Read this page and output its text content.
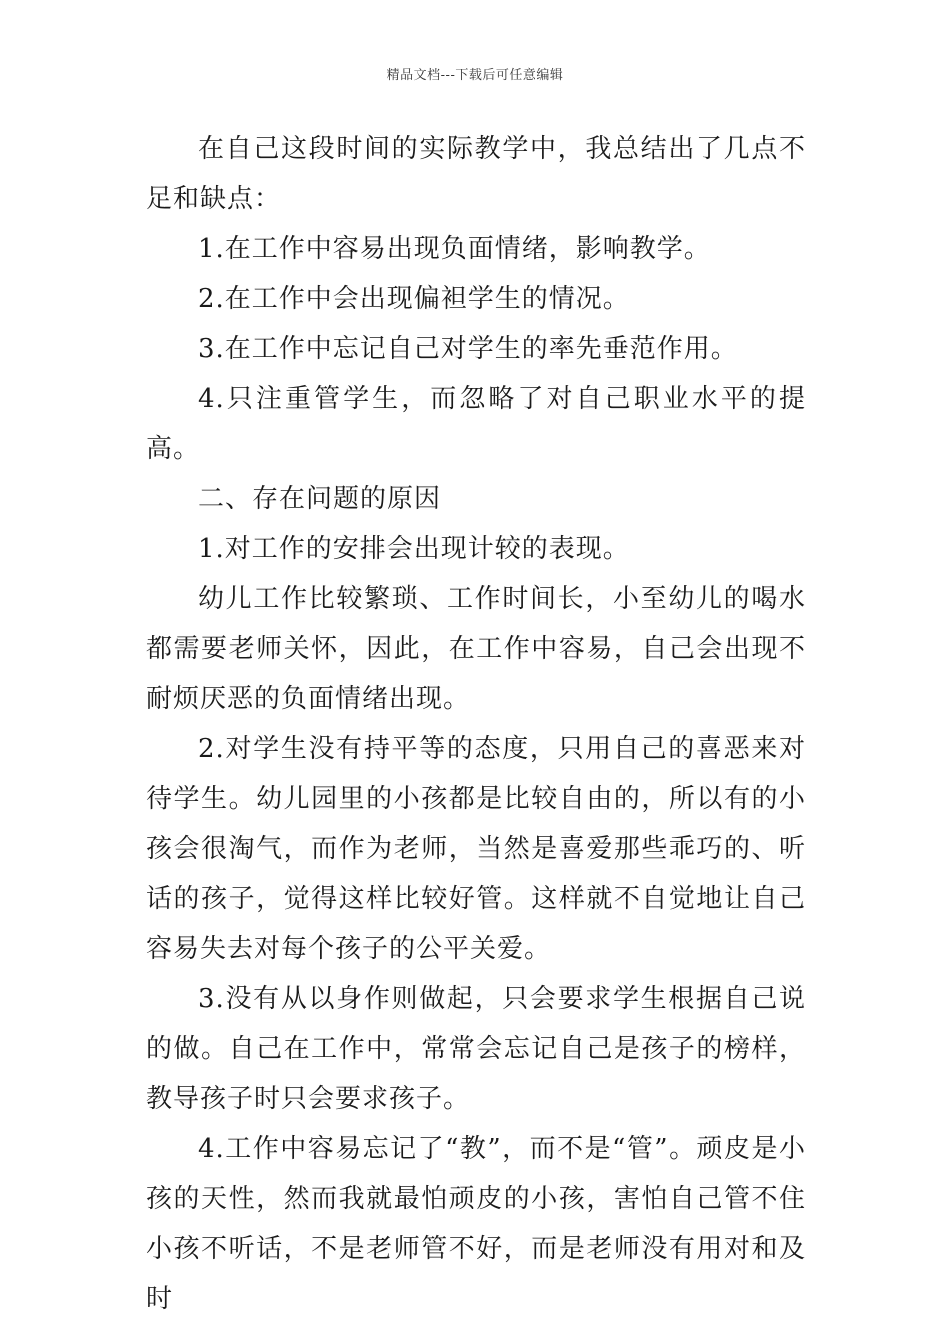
精品文档---下载后可任意编辑

在自己这段时间的实际教学中，我总结出了几点不足和缺点：

1.在工作中容易出现负面情绪，影响教学。

2.在工作中会出现偏袒学生的情况。

3.在工作中忘记自己对学生的率先垂范作用。

4.只注重管学生，而忽略了对自己职业水平的提高。

二、存在问题的原因

1.对工作的安排会出现计较的表现。

幼儿工作比较繁琐、工作时间长，小至幼儿的喝水都需要老师关怀，因此，在工作中容易，自己会出现不耐烦厌恶的负面情绪出现。

2.对学生没有持平等的态度，只用自己的喜恶来对待学生。幼儿园里的小孩都是比较自由的，所以有的小孩会很淘气，而作为老师，当然是喜爱那些乖巧的、听话的孩子，觉得这样比较好管。这样就不自觉地让自己容易失去对每个孩子的公平关爱。

3.没有从以身作则做起，只会要求学生根据自己说的做。自己在工作中，常常会忘记自己是孩子的榜样，教导孩子时只会要求孩子。

4.工作中容易忘记了“教”，而不是“管”。顽皮是小孩的天性，然而我就最怕顽皮的小孩，害怕自己管不住小孩不听话，不是老师管不好，而是老师没有用对和及时
